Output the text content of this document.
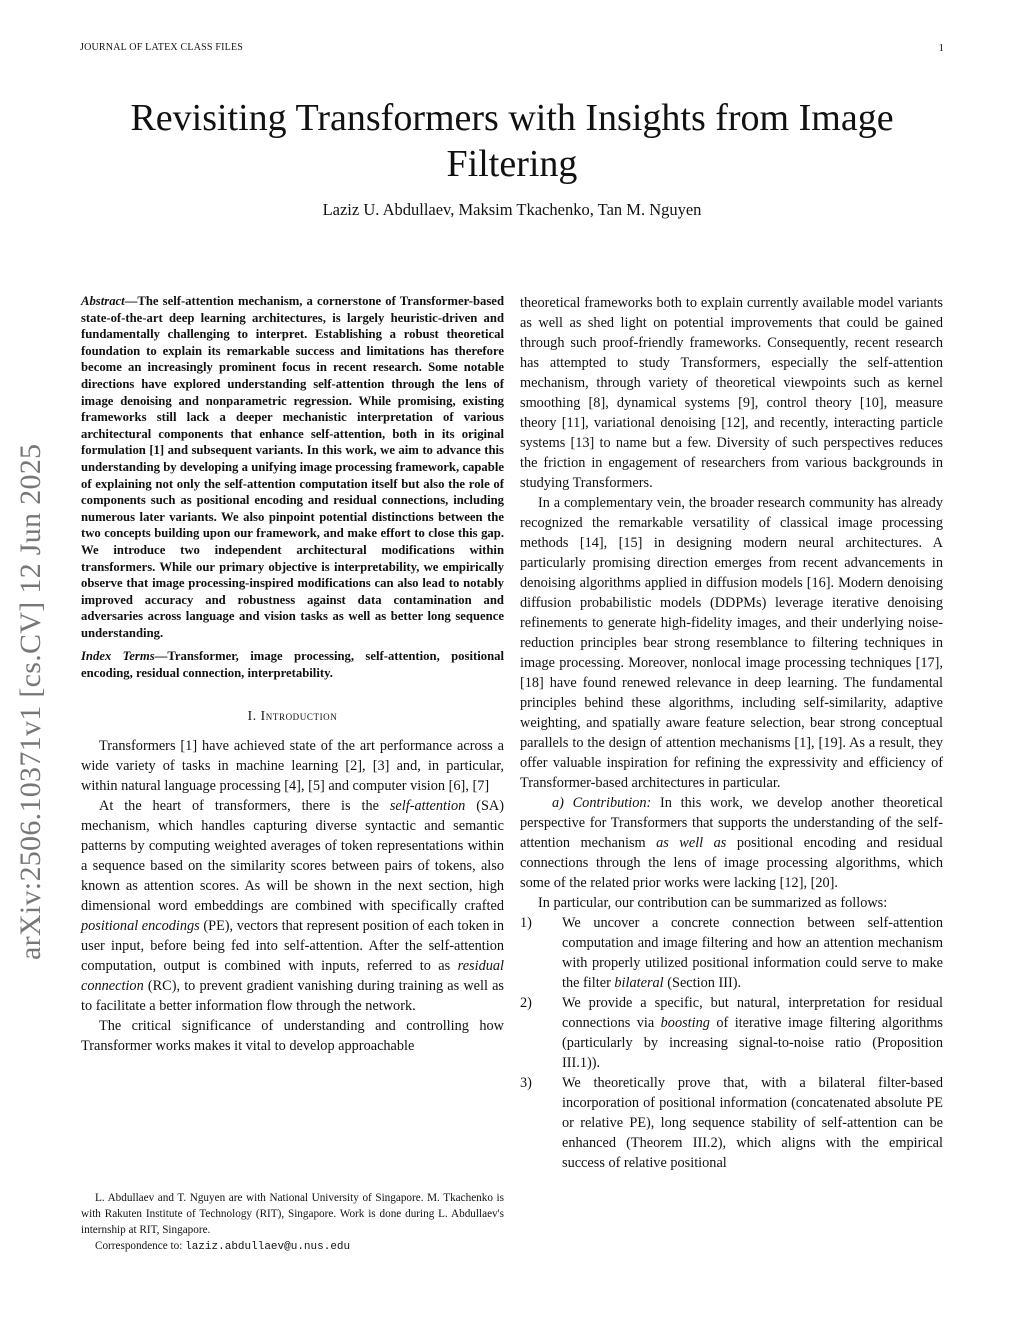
JOURNAL OF LATEX CLASS FILES	1
Revisiting Transformers with Insights from Image Filtering
Laziz U. Abdullaev, Maksim Tkachenko, Tan M. Nguyen
arXiv:2506.10371v1 [cs.CV] 12 Jun 2025

Abstract—The self-attention mechanism, a cornerstone of Transformer-based state-of-the-art deep learning architectures, is largely heuristic-driven and fundamentally challenging to interpret. Establishing a robust theoretical foundation to explain its remarkable success and limitations has therefore become an increasingly prominent focus in recent research. Some notable directions have explored understanding self-attention through the lens of image denoising and nonparametric regression. While promising, existing frameworks still lack a deeper mechanistic interpretation of various architectural components that enhance self-attention, both in its original formulation [1] and subsequent variants. In this work, we aim to advance this understanding by developing a unifying image processing framework, capable of explaining not only the self-attention computation itself but also the role of components such as positional encoding and residual connections, including numerous later variants. We also pinpoint potential distinctions between the two concepts building upon our framework, and make effort to close this gap. We introduce two independent architectural modifications within transformers. While our primary objective is interpretability, we empirically observe that image processing-inspired modifications can also lead to notably improved accuracy and robustness against data contamination and adversaries across language and vision tasks as well as better long sequence understanding.

Index Terms—Transformer, image processing, self-attention, positional encoding, residual connection, interpretability.

I. Introduction

Transformers [1] have achieved state of the art performance across a wide variety of tasks in machine learning [2], [3] and, in particular, within natural language processing [4], [5] and computer vision [6], [7]

At the heart of transformers, there is the self-attention (SA) mechanism, which handles capturing diverse syntactic and semantic patterns by computing weighted averages of token representations within a sequence based on the similarity scores between pairs of tokens, also known as attention scores. As will be shown in the next section, high dimensional word embeddings are combined with specifically crafted positional encodings (PE), vectors that represent position of each token in user input, before being fed into self-attention. After the self-attention computation, output is combined with inputs, referred to as residual connection (RC), to prevent gradient vanishing during training as well as to facilitate a better information flow through the network.

The critical significance of understanding and controlling how Transformer works makes it vital to develop approachable

theoretical frameworks both to explain currently available model variants as well as shed light on potential improvements that could be gained through such proof-friendly frameworks. Consequently, recent research has attempted to study Transformers, especially the self-attention mechanism, through variety of theoretical viewpoints such as kernel smoothing [8], dynamical systems [9], control theory [10], measure theory [11], variational denoising [12], and recently, interacting particle systems [13] to name but a few. Diversity of such perspectives reduces the friction in engagement of researchers from various backgrounds in studying Transformers.

In a complementary vein, the broader research community has already recognized the remarkable versatility of classical image processing methods [14], [15] in designing modern neural architectures. A particularly promising direction emerges from recent advancements in denoising algorithms applied in diffusion models [16]. Modern denoising diffusion probabilistic models (DDPMs) leverage iterative denoising refinements to generate high-fidelity images, and their underlying noise-reduction principles bear strong resemblance to filtering techniques in image processing. Moreover, nonlocal image processing techniques [17], [18] have found renewed relevance in deep learning. The fundamental principles behind these algorithms, including self-similarity, adaptive weighting, and spatially aware feature selection, bear strong conceptual parallels to the design of attention mechanisms [1], [19]. As a result, they offer valuable inspiration for refining the expressivity and efficiency of Transformer-based architectures in particular.

a) Contribution: In this work, we develop another theoretical perspective for Transformers that supports the understanding of the self-attention mechanism as well as positional encoding and residual connections through the lens of image processing algorithms, which some of the related prior works were lacking [12], [20].

In particular, our contribution can be summarized as follows:

1) We uncover a concrete connection between self-attention computation and image filtering and how an attention mechanism with properly utilized positional information could serve to make the filter bilateral (Section III).
2) We provide a specific, but natural, interpretation for residual connections via boosting of iterative image filtering algorithms (particularly by increasing signal-to-noise ratio (Proposition III.1)).
3) We theoretically prove that, with a bilateral filter-based incorporation of positional information (concatenated absolute PE or relative PE), long sequence stability of self-attention can be enhanced (Theorem III.2), which aligns with the empirical success of relative positional

L. Abdullaev and T. Nguyen are with National University of Singapore. M. Tkachenko is with Rakuten Institute of Technology (RIT), Singapore. Work is done during L. Abdullaev's internship at RIT, Singapore.

Correspondence to: laziz.abdullaev@u.nus.edu
